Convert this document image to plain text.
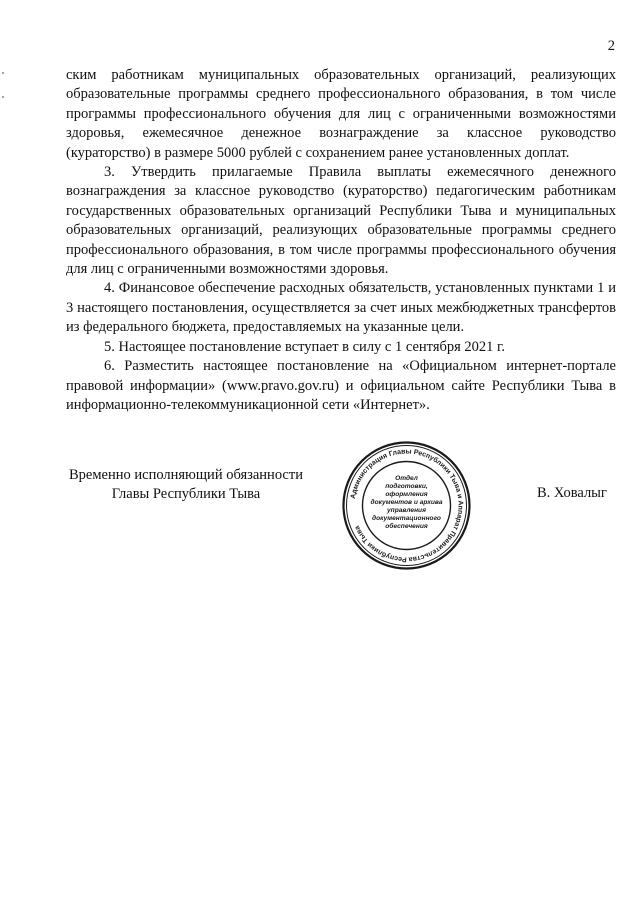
2

ским работникам муниципальных образовательных организаций, реализующих образовательные программы среднего профессионального образования, в том числе программы профессионального обучения для лиц с ограниченными возможностями здоровья, ежемесячное денежное вознаграждение за классное руководство (кураторство) в размере 5000 рублей с сохранением ранее установленных доплат.

3. Утвердить прилагаемые Правила выплаты ежемесячного денежного вознаграждения за классное руководство (кураторство) педагогическим работникам государственных образовательных организаций Республики Тыва и муниципальных образовательных организаций, реализующих образовательные программы среднего профессионального образования, в том числе программы профессионального обучения для лиц с ограниченными возможностями здоровья.

4. Финансовое обеспечение расходных обязательств, установленных пунктами 1 и 3 настоящего постановления, осуществляется за счет иных межбюджетных трансфертов из федерального бюджета, предоставляемых на указанные цели.

5. Настоящее постановление вступает в силу с 1 сентября 2021 г.

6. Разместить настоящее постановление на «Официальном интернет-портале правовой информации» (www.pravo.gov.ru) и официальном сайте Республики Тыва в информационно-телекоммуникационной сети «Интернет».

Временно исполняющий обязанности
Главы Республики Тыва	Администрация Главы Республики Тыва и Аппарат Правительства Республики Тыва
Отдел
подготовки,
оформления
документов и архива
управления
документационного
обеспечения
В. Ховалыг
